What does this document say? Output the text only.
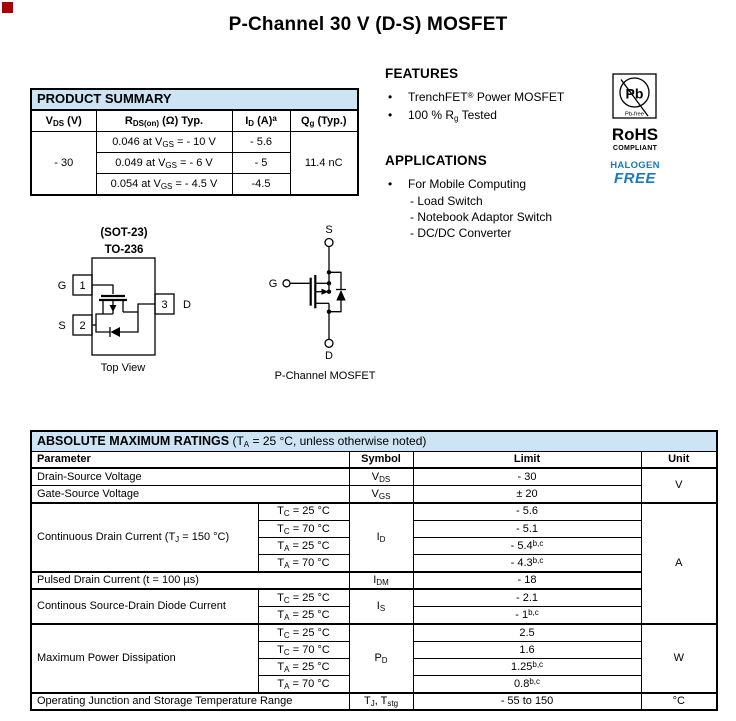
P-Channel 30 V (D-S) MOSFET
PRODUCT SUMMARY			
$V_{DS}$ (V)	$R_{DS(on)}$ (Ω) Typ.	$I_D$ $(A)^a$	$Q_g$ (Typ.)
- 30	0.046 at $V_{GS}$ = - 10 V	- 5.6	11.4 nC
	0.049 at $V_{GS}$ = - 6 V	- 5	
	0.054 at $V_{GS}$ = - 4.5 V	-4.5	
FEATURES
• TrenchFET® Power MOSFET
• 100 % $R_g$ Tested
APPLICATIONS
• For Mobile Computing
- Load Switch
- Notebook Adaptor Switch
- DC/DC Converter
Pb
Pb-free
RoHS
COMPLIANT
HALOGEN
FREE
(SOT-23)
TO-236
1
2
3
G
S
D
Top View
S
G
D
P-Channel MOSFET
ABSOLUTE MAXIMUM RATINGS ($T_A = 25$ °C, unless otherwise noted)				
Parameter		Symbol	Limit	Unit
Drain-Source Voltage		$V_{DS}$	- 30	V
Gate-Source Voltage		$V_{GS}$	± 20	
Continuous Drain Current ($T_J = 150$ °C)	$T_C = 25$ °C	$I_D$	- 5.6	A
	$T_C = 70$ °C		- 5.1	
	$T_A = 25$ °C		- 5.4$^{b,c}$
	$T_A = 70$ °C		- 4.3$^{b,c}$
Pulsed Drain Current (t = 100 µs)		$I_{DM}$	- 18	
Continous Source-Drain Diode Current	$T_C = 25$ °C	$I_S$	- 2.1	
	$T_A = 25$ °C		- 1$^{b,c}$
Maximum Power Dissipation	$T_C = 25$ °C	$P_D$	2.5	W
	$T_C = 70$ °C		1.6	
	$T_A = 25$ °C		1.25$^{b,c}$
	$T_A = 70$ °C		0.8$^{b,c}$
Operating Junction and Storage Temperature Range		$T_J$, $T_{stg}$	- 55 to 150	°C
